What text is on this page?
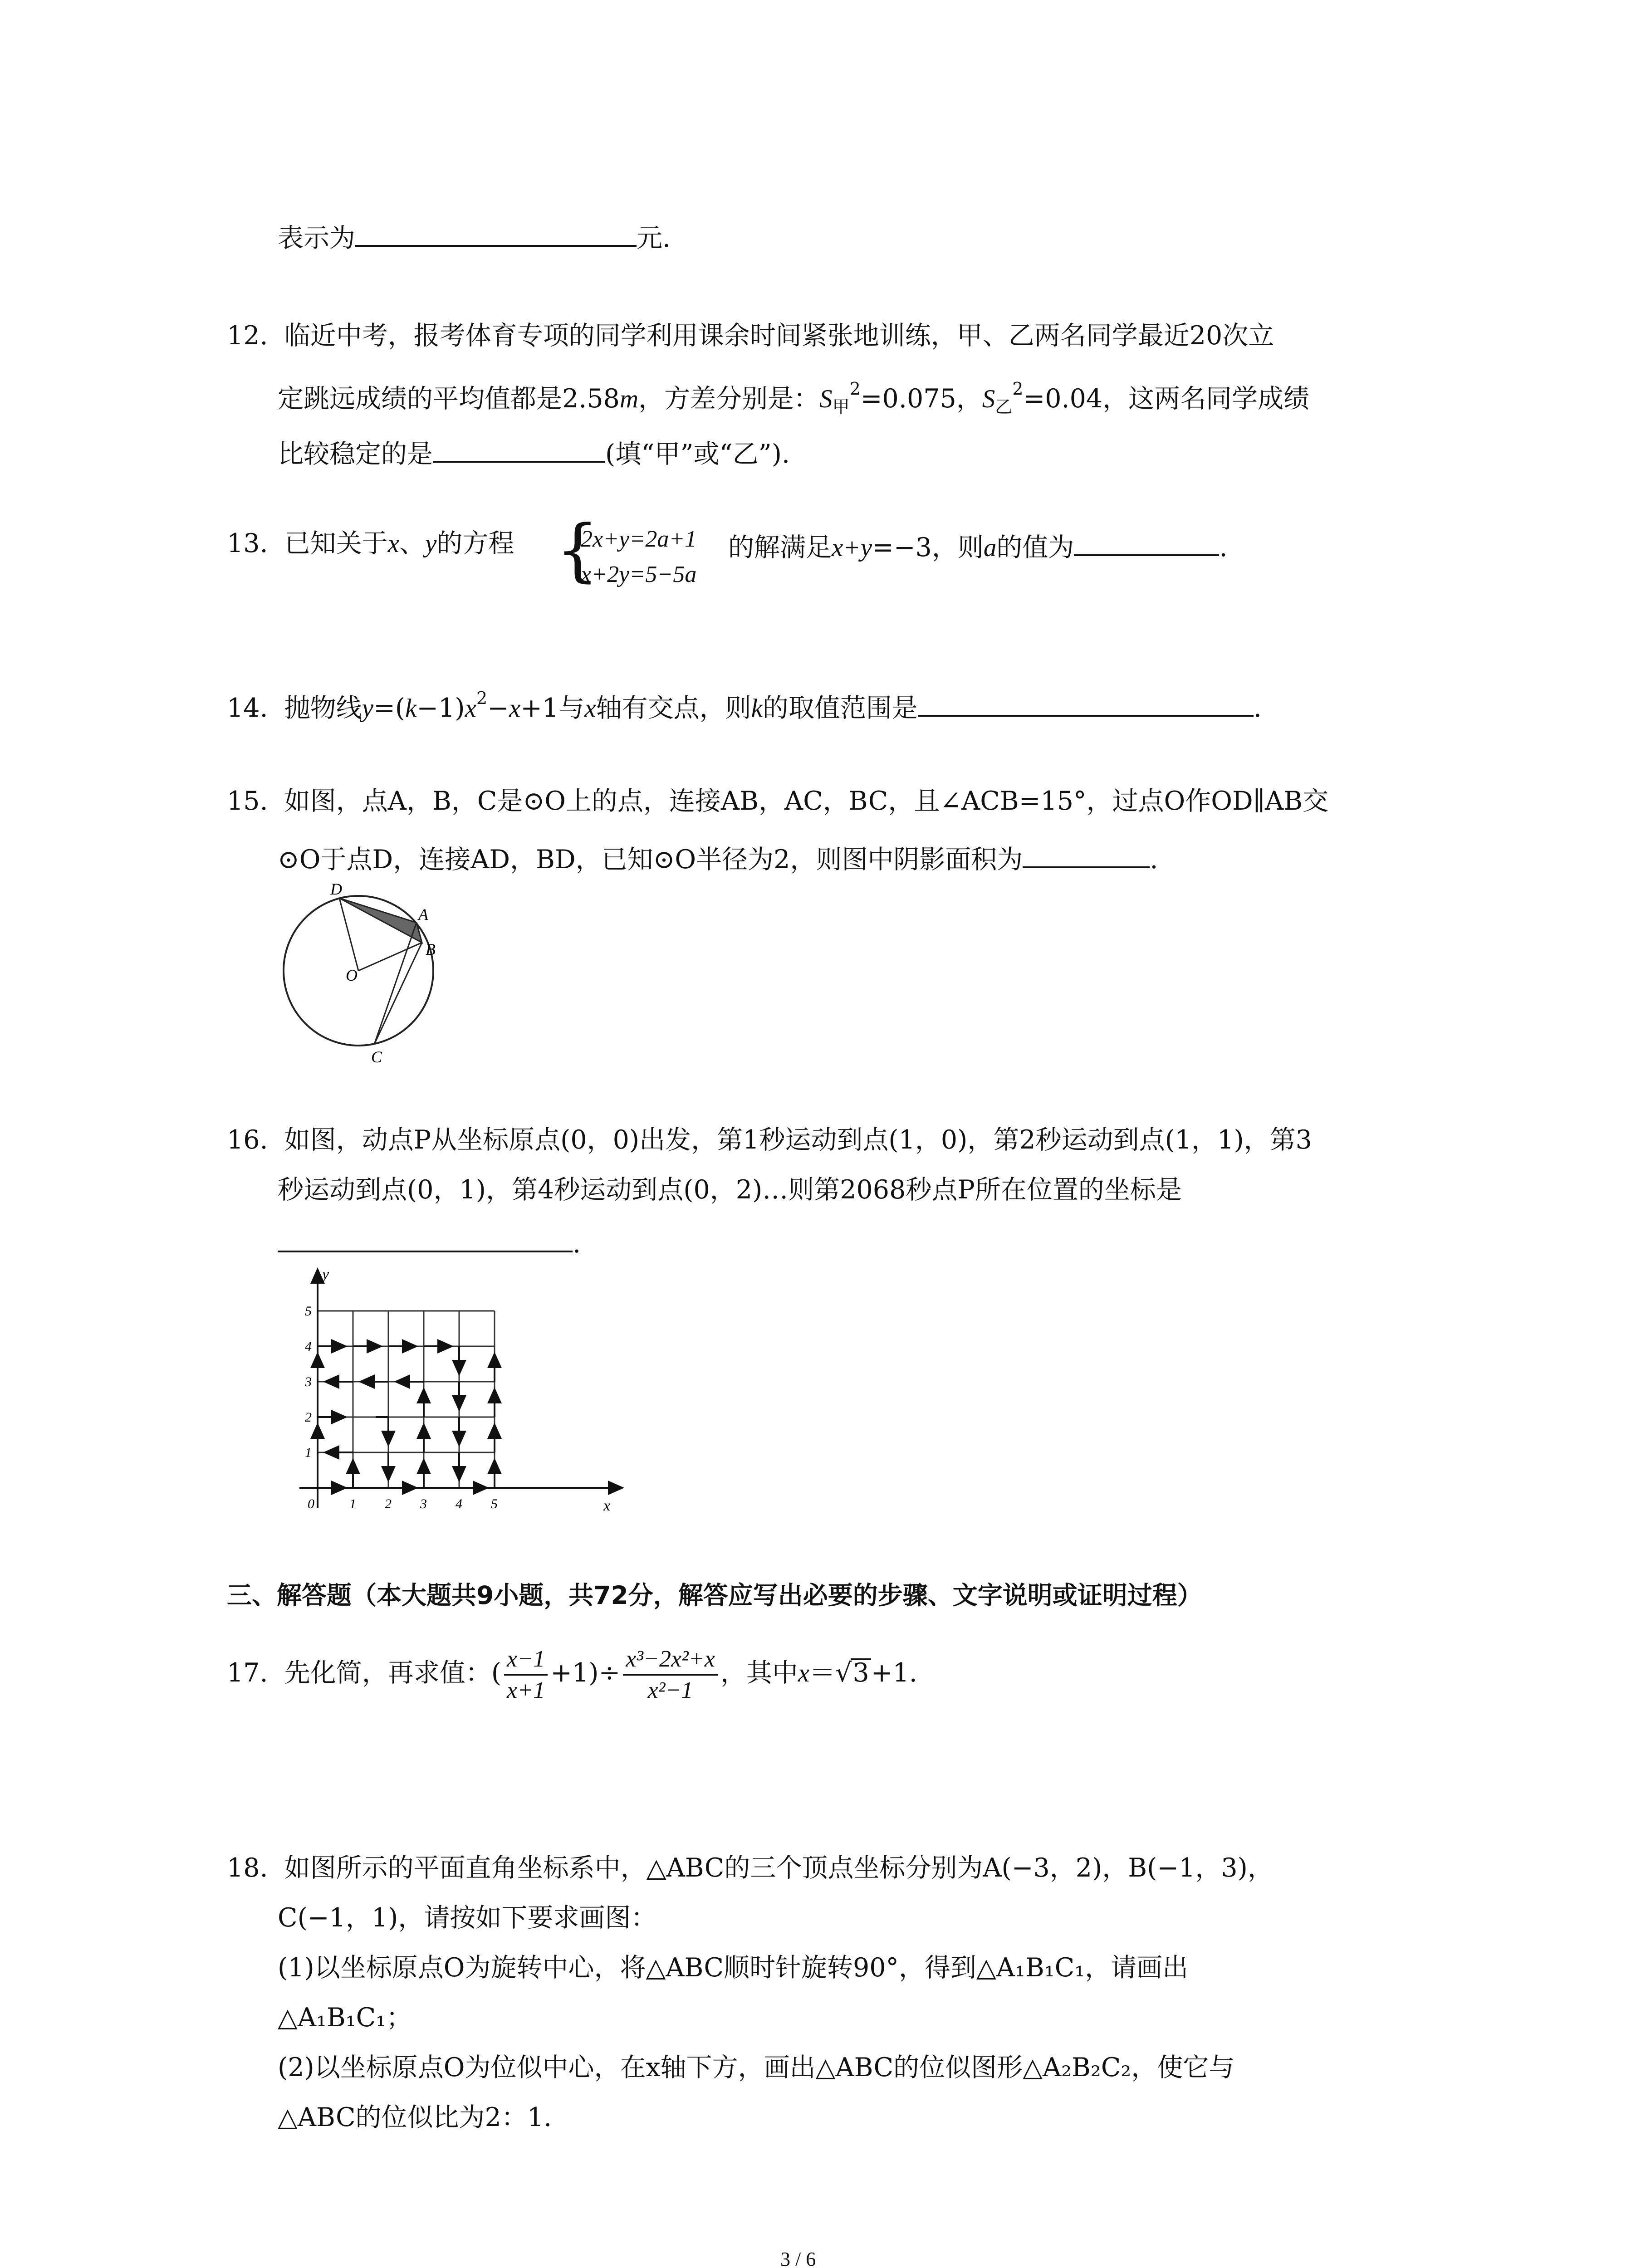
表示为	元.
12. 临近中考，报考体育专项的同学利用课余时间紧张地训练，甲、乙两名同学最近20次立
定跳远成绩的平均值都是2.58m，方差分别是：$S_甲^2=0.075$，$S_乙^2=0.04$，这两名同学成绩
比较稳定的是	(填“甲”或“乙”).
13. 已知关于x、y的方程 {
2x+y=2a+1
x+2y=5−5a
的解满足x+y=−3，则a的值为	.
14. 抛物线$y=(k-1)x^2-x+1$与x轴有交点，则k的取值范围是	.
15. 如图，点A，B，C是⊙O上的点，连接AB，AC，BC，且∠ACB=15°，过点O作OD∥AB交
⊙O于点D，连接AD，BD，已知⊙O半径为2，则图中阴影面积为	.
D
A
B
O
C
16. 如图，动点P从坐标原点(0，0)出发，第1秒运动到点(1，0)，第2秒运动到点(1，1)，第3
秒运动到点(0，1)，第4秒运动到点(0，2)…则第2068秒点P所在位置的坐标是
.
y
x
0	1 2 3 4 5
1
2
3
4
5
三、解答题（本大题共9小题，共72分，解答应写出必要的步骤、文字说明或证明过程）
17. 先化简，再求值：( $\frac{x-1}{x+1} +1)\div \frac{\text{x³−2x²+x}}{\text{x²−1}}$ ，其中x＝√3+1.
18. 如图所示的平面直角坐标系中，△ABC的三个顶点坐标分别为A(−3，2)，B(−1，3)，
C(−1，1)，请按如下要求画图：
(1)以坐标原点O为旋转中心，将△ABC顺时针旋转90°，得到△A₁B₁C₁，请画出
△A₁B₁C₁；
(2)以坐标原点O为位似中心，在x轴下方，画出△ABC的位似图形△A₂B₂C₂，使它与
△ABC的位似比为2：1.
3 / 6
